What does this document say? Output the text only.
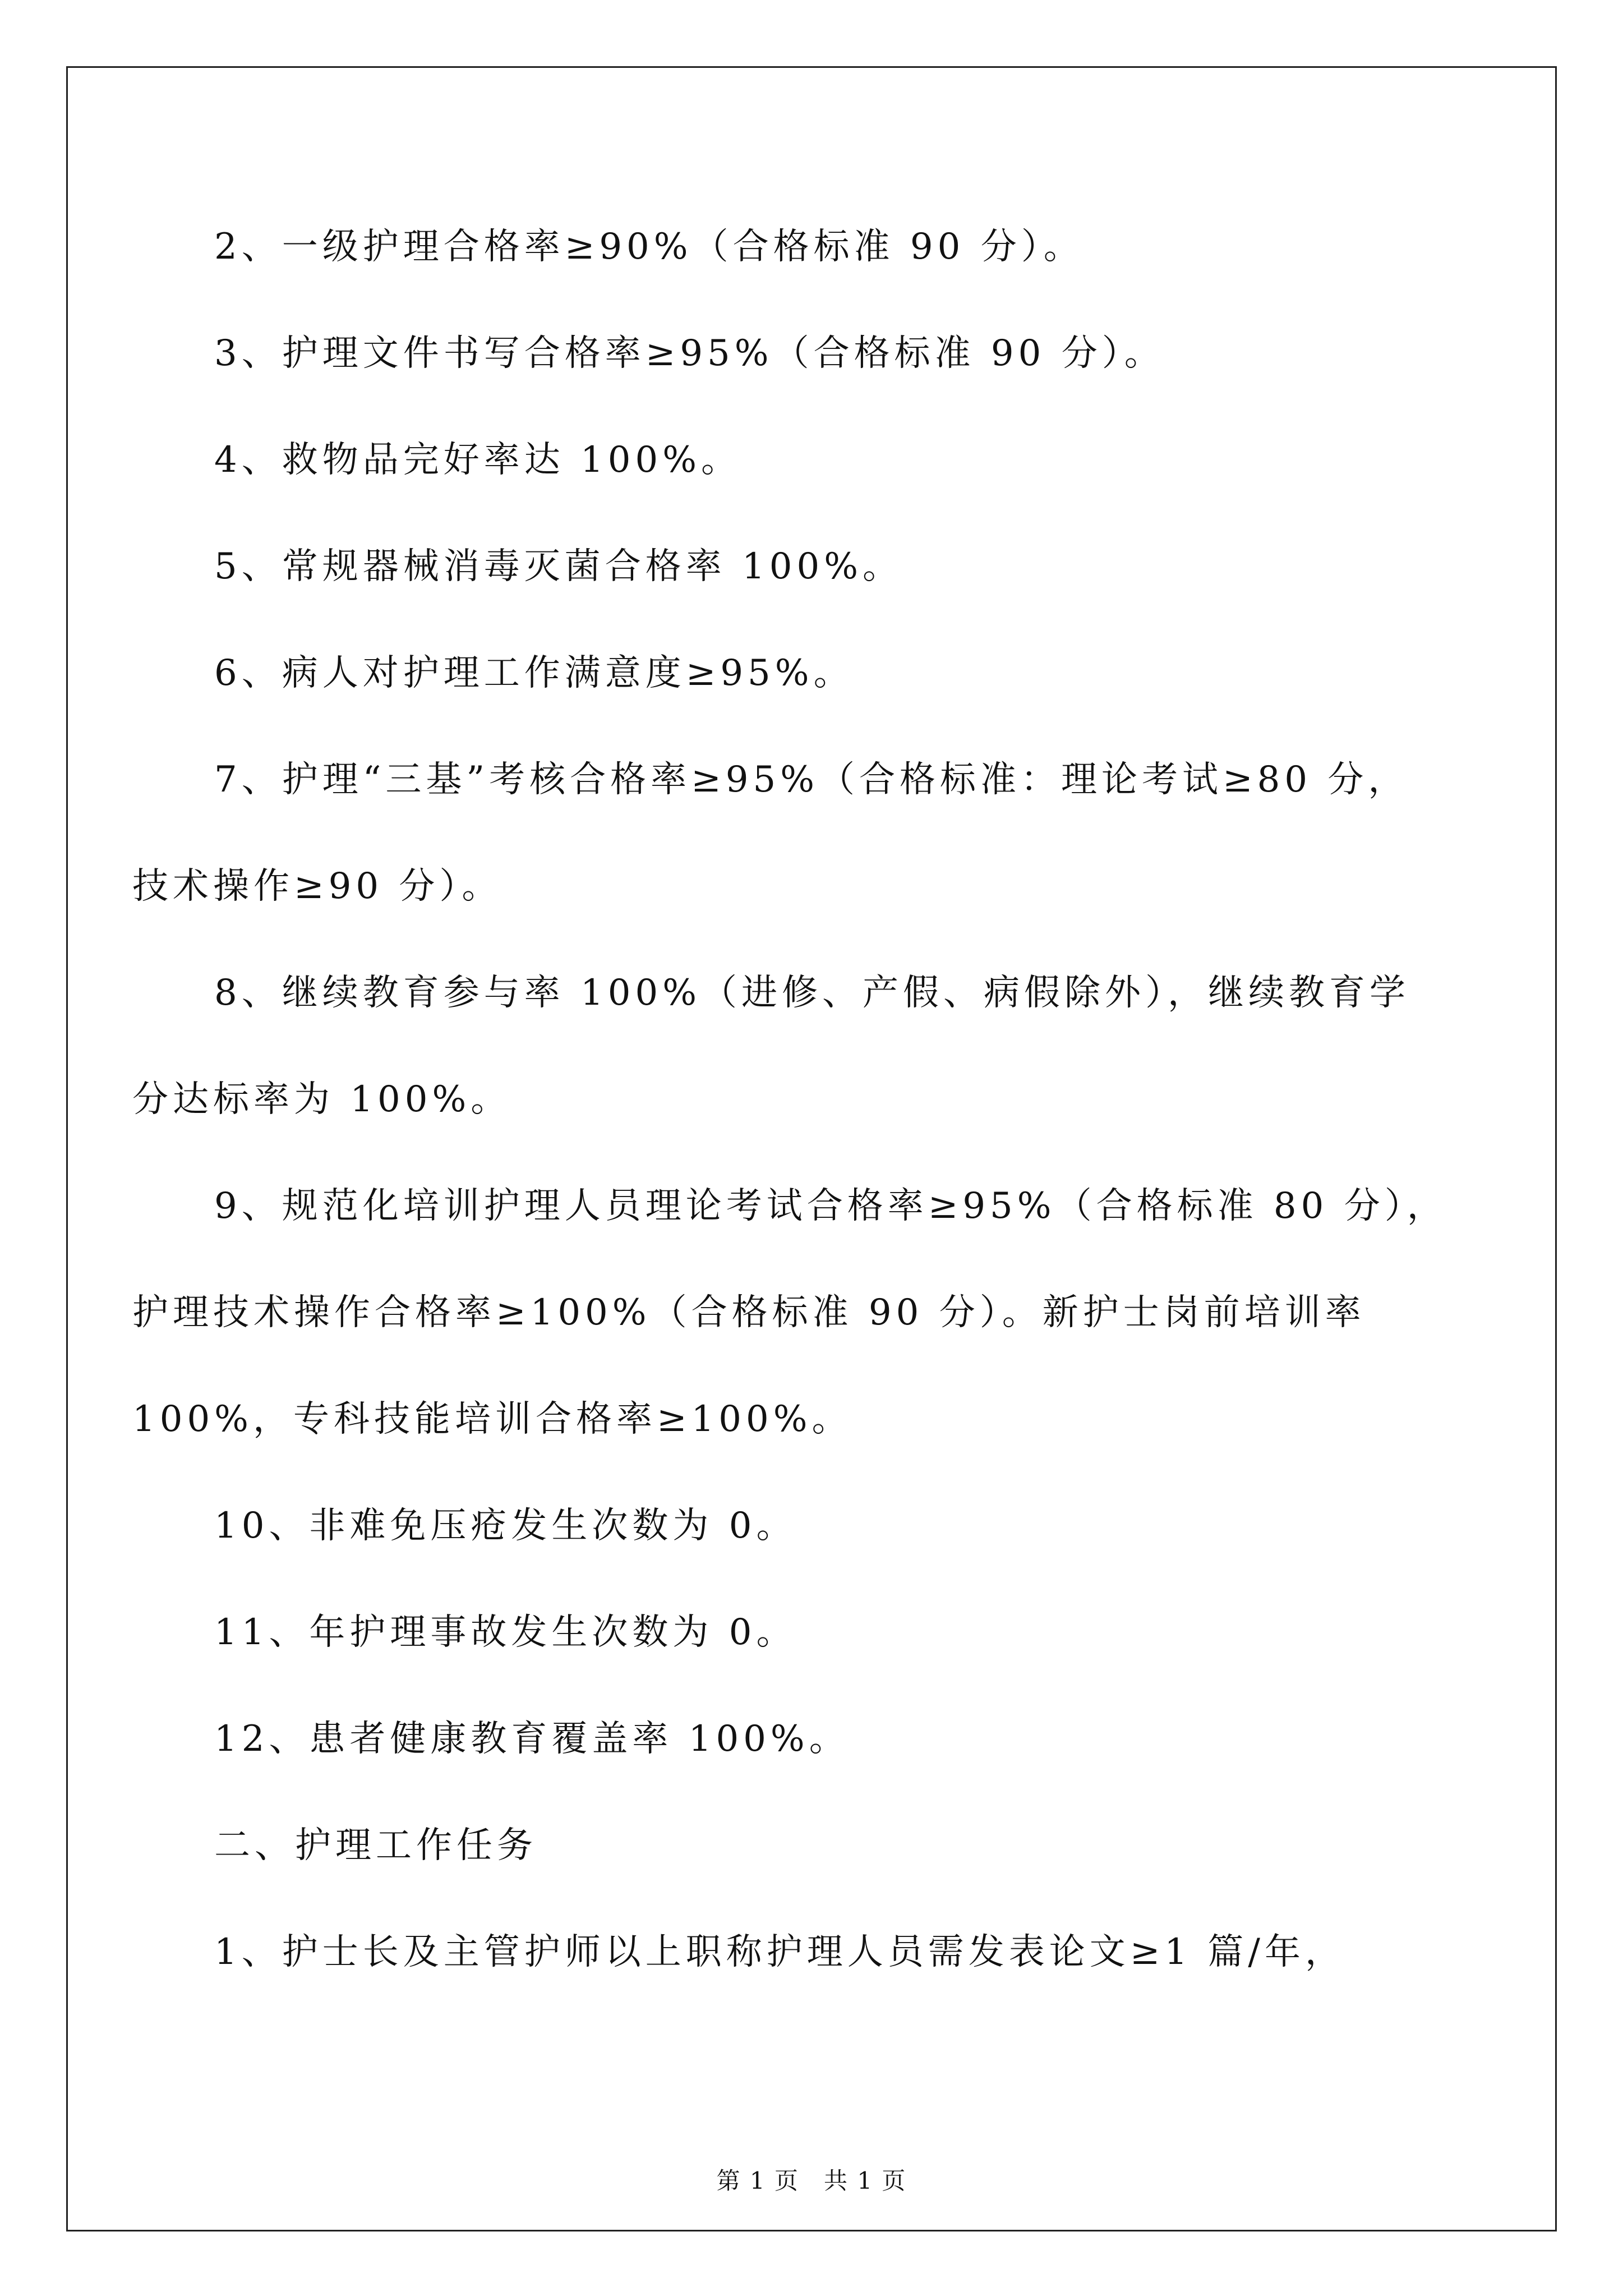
2、一级护理合格率≥90%（合格标准 90 分）。
3、护理文件书写合格率≥95%（合格标准 90 分）。
4、救物品完好率达 100%。
5、常规器械消毒灭菌合格率 100%。
6、病人对护理工作满意度≥95%。
7、护理“三基”考核合格率≥95%（合格标准：理论考试≥80 分，
技术操作≥90 分）。
8、继续教育参与率 100%（进修、产假、病假除外），继续教育学
分达标率为 100%。
9、规范化培训护理人员理论考试合格率≥95%（合格标准 80 分），
护理技术操作合格率≥100%（合格标准 90 分）。新护士岗前培训率
100%，专科技能培训合格率≥100%。
10、非难免压疮发生次数为 0。
11、年护理事故发生次数为 0。
12、患者健康教育覆盖率 100%。
二、护理工作任务
1、护士长及主管护师以上职称护理人员需发表论文≥1 篇/年，
第 1 页　共 1 页
